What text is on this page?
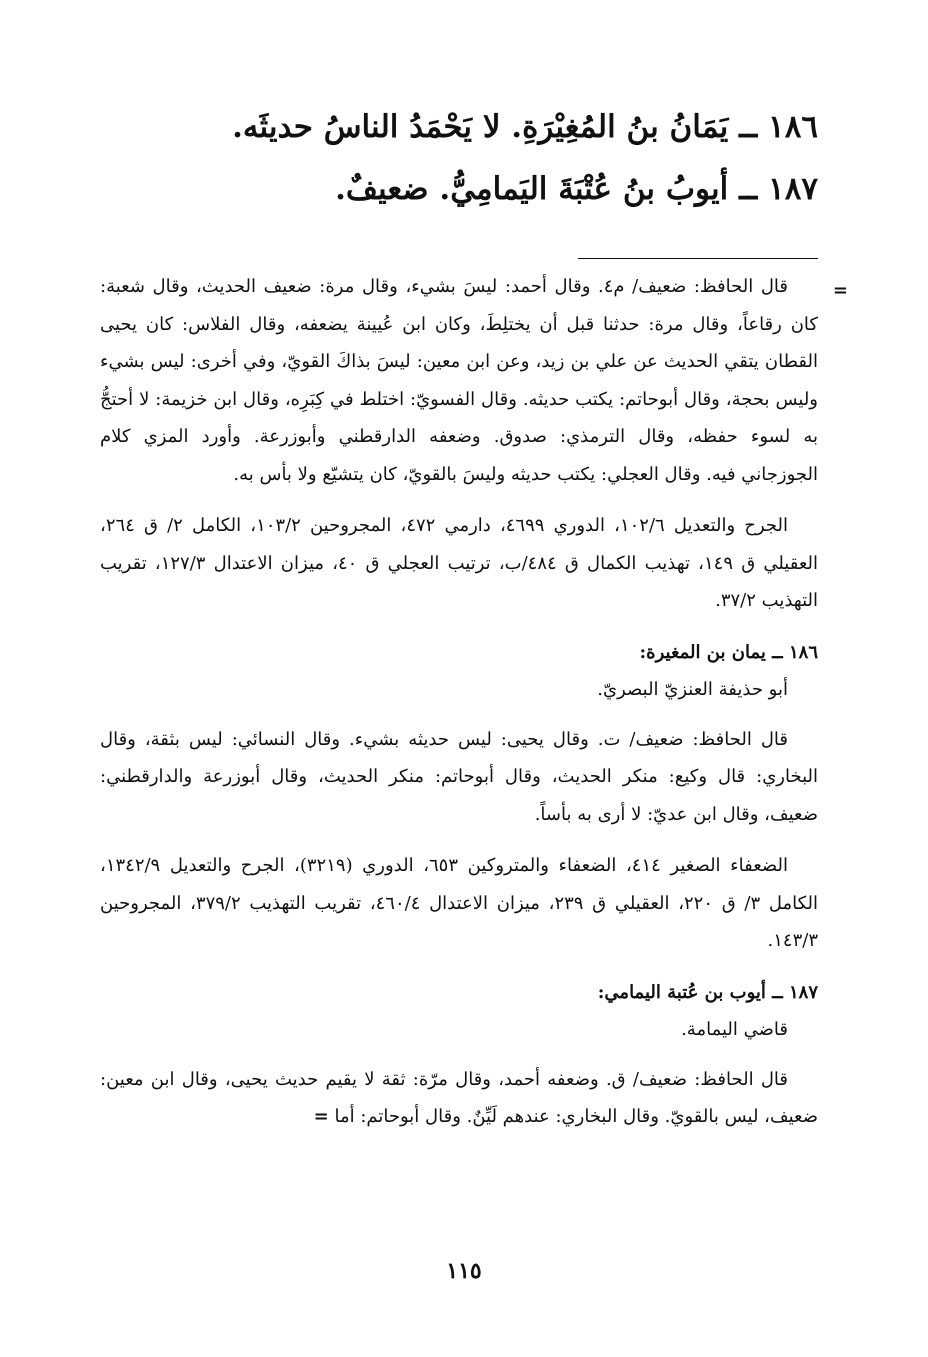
١٨٦ ــ يَمَانُ بنُ المُغِيْرَةِ. لا يَحْمَدُ الناسُ حديثَه.
١٨٧ ــ أيوبُ بنُ عُتْبَةَ اليَمامِيُّ. ضعيفٌ.
=

قال الحافظ: ضعيف/ م٤. وقال أحمد: ليسَ بشيء، وقال مرة: ضعيف الحديث، وقال شعبة: كان رقاعاً، وقال مرة: حدثنا قبل أن يختلِطَ، وكان ابن عُيينة يضعفه، وقال الفلاس: كان يحيى القطان يتقي الحديث عن علي بن زيد، وعن ابن معين: ليسَ بذاكَ القويّ، وفي أخرى: ليس بشيء وليس بحجة، وقال أبوحاتم: يكتب حديثه. وقال الفسويّ: اختلط في كِبَرِه، وقال ابن خزيمة: لا أحتجُّ به لسوء حفظه، وقال الترمذي: صدوق. وضعفه الدارقطني وأبوزرعة. وأورد المزي كلام الجوزجاني فيه. وقال العجلي: يكتب حديثه وليسَ بالقويّ، كان يتشيّع ولا بأس به.

الجرح والتعديل ١٠٢/٦، الدوري ٤٦٩٩، دارمي ٤٧٢، المجروحين ١٠٣/٢، الكامل ٢/ ق ٢٦٤، العقيلي ق ١٤٩، تهذيب الكمال ق ٤٨٤/ب، ترتيب العجلي ق ٤٠، ميزان الاعتدال ١٢٧/٣، تقريب التهذيب ٣٧/٢.

١٨٦ ــ يمان بن المغيرة:

أبو حذيفة العنزيّ البصريّ.

قال الحافظ: ضعيف/ ت. وقال يحيى: ليس حديثه بشيء. وقال النسائي: ليس بثقة، وقال البخاري: قال وكيع: منكر الحديث، وقال أبوحاتم: منكر الحديث، وقال أبوزرعة والدارقطني: ضعيف، وقال ابن عديّ: لا أرى به بأساً.

الضعفاء الصغير ٤١٤، الضعفاء والمتروكين ٦٥٣، الدوري (٣٢١٩)، الجرح والتعديل ١٣٤٢/٩، الكامل ٣/ ق ٢٢٠، العقيلي ق ٢٣٩، ميزان الاعتدال ٤٦٠/٤، تقريب التهذيب ٣٧٩/٢، المجروحين ١٤٣/٣.

١٨٧ ــ أيوب بن عُتبة اليمامي:

قاضي اليمامة.

قال الحافظ: ضعيف/ ق. وضعفه أحمد، وقال مرّة: ثقة لا يقيم حديث يحيى، وقال ابن معين: ضعيف، ليس بالقويّ. وقال البخاري: عندهم لَيِّنٌ. وقال أبوحاتم: أما =

١١٥
